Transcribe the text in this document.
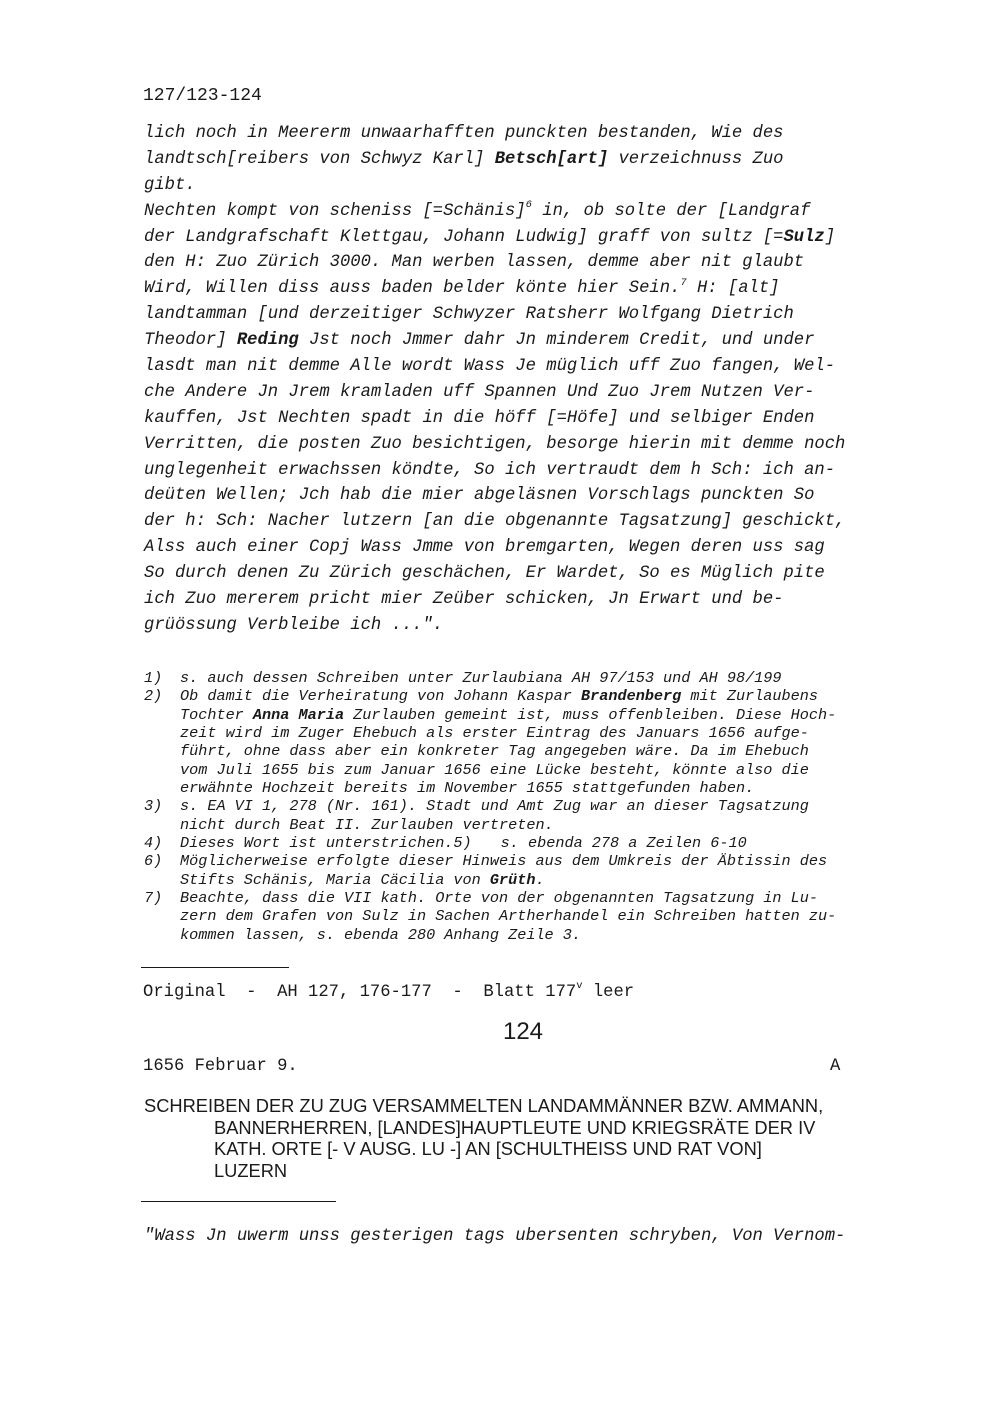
127/123-124
lich noch in Meererm unwaarhafften punckten bestanden, Wie des
landtsch[reibers von Schwyz Karl] Betsch[art] verzeichnuss Zuo
gibt.
Nechten kompt von scheniss [=Schänis]$^6$ in, ob solte der [Landgraf
der Landgrafschaft Klettgau, Johann Ludwig] graff von sultz [=Sulz]
den H: Zuo Zürich 3000. Man werben lassen, demme aber nit glaubt
Wird, Willen diss auss baden belder könte hier Sein.$^7$ H: [alt]
landtamman [und derzeitiger Schwyzer Ratsherr Wolfgang Dietrich
Theodor] Reding Jst noch Jmmer dahr Jn minderem Credit, und under
lasdt man nit demme Alle wordt Wass Je müglich uff Zuo fangen, Wel-
che Andere Jn Jrem kramladen uff Spannen Und Zuo Jrem Nutzen Ver-
kauffen, Jst Nechten spadt in die höff [=Höfe] und selbiger Enden
Verritten, die posten Zuo besichtigen, besorge hierin mit demme noch
unglegenheit erwachssen köndte, So ich vertraudt dem h Sch: ich an-
deüten Wellen; Jch hab die mier abgeläsnen Vorschlags punckten So
der h: Sch: Nacher lutzern [an die obgenannte Tagsatzung] geschickt,
Alss auch einer Copj Wass Jmme von bremgarten, Wegen deren uss sag
So durch denen Zu Zürich geschächen, Er Wardet, So es Müglich pite
ich Zuo mererem pricht mier Zeüber schicken, Jn Erwart und be-
grüössung Verbleibe ich ...".
1)	s. auch dessen Schreiben unter Zurlaubiana AH 97/153 und AH 98/199
2)	Ob damit die Verheiratung von Johann Kaspar Brandenberg mit Zurlaubens
Tochter Anna Maria Zurlauben gemeint ist, muss offenbleiben. Diese Hoch-
zeit wird im Zuger Ehebuch als erster Eintrag des Januars 1656 aufge-
führt, ohne dass aber ein konkreter Tag angegeben wäre. Da im Ehebuch
vom Juli 1655 bis zum Januar 1656 eine Lücke besteht, könnte also die
erwähnte Hochzeit bereits im November 1655 stattgefunden haben.
3)	s. EA VI 1, 278 (Nr. 161). Stadt und Amt Zug war an dieser Tagsatzung
nicht durch Beat II. Zurlauben vertreten.
4)	Dieses Wort ist unterstrichen. 5)	s. ebenda 278 a Zeilen 6-10
6)	Möglicherweise erfolgte dieser Hinweis aus dem Umkreis der Äbtissin des
Stifts Schänis, Maria Cäcilia von Grüth.
7)	Beachte, dass die VII kath. Orte von der obgenannten Tagsatzung in Lu-
zern dem Grafen von Sulz in Sachen Artherhandel ein Schreiben hatten zu-
kommen lassen, s. ebenda 280 Anhang Zeile 3.
Original  -  AH 127, 176-177  -  Blatt 177$^v$ leer
124
1656 Februar 9.	A
SCHREIBEN DER ZU ZUG VERSAMMELTEN LANDAMMÄNNER BZW. AMMANN,
BANNERHERREN, [LANDES]HAUPTLEUTE UND KRIEGSRÄTE DER IV
KATH. ORTE [- V AUSG. LU -] AN [SCHULTHEISS UND RAT VON]
LUZERN
"Wass Jn uwerm unss gesterigen tags ubersenten schryben, Von Vernom-
